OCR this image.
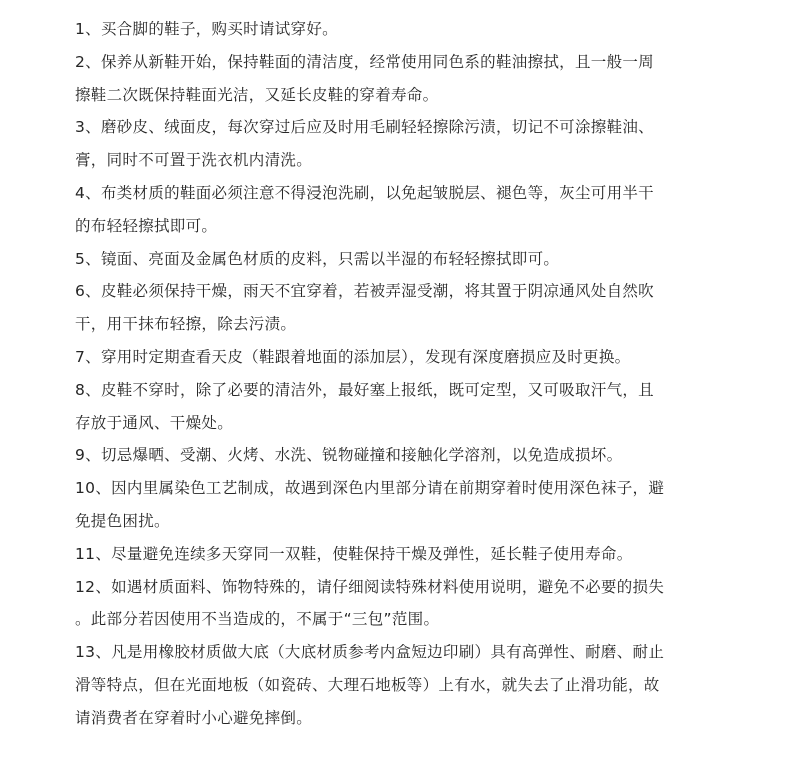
1、买合脚的鞋子，购买时请试穿好。

2、保养从新鞋开始，保持鞋面的清洁度，经常使用同色系的鞋油擦拭，且一般一周

擦鞋二次既保持鞋面光洁，又延长皮鞋的穿着寿命。

3、磨砂皮、绒面皮，每次穿过后应及时用毛刷轻轻擦除污渍，切记不可涂擦鞋油、

膏，同时不可置于洗衣机内清洗。

4、布类材质的鞋面必须注意不得浸泡洗刷，以免起皱脱层、褪色等，灰尘可用半干

的布轻轻擦拭即可。

5、镜面、亮面及金属色材质的皮料，只需以半湿的布轻轻擦拭即可。

6、皮鞋必须保持干燥，雨天不宜穿着，若被弄湿受潮，将其置于阴凉通风处自然吹

干，用干抹布轻擦，除去污渍。

7、穿用时定期查看天皮（鞋跟着地面的添加层），发现有深度磨损应及时更换。

8、皮鞋不穿时，除了必要的清洁外，最好塞上报纸，既可定型，又可吸取汗气，且

存放于通风、干燥处。

9、切忌爆晒、受潮、火烤、水洗、锐物碰撞和接触化学溶剂，以免造成损坏。

10、因内里属染色工艺制成，故遇到深色内里部分请在前期穿着时使用深色袜子，避

免提色困扰。

11、尽量避免连续多天穿同一双鞋，使鞋保持干燥及弹性，延长鞋子使用寿命。

12、如遇材质面料、饰物特殊的，请仔细阅读特殊材料使用说明，避免不必要的损失

。此部分若因使用不当造成的，不属于“三包”范围。

13、凡是用橡胶材质做大底（大底材质参考内盒短边印刷）具有高弹性、耐磨、耐止

滑等特点，但在光面地板（如瓷砖、大理石地板等）上有水，就失去了止滑功能，故

请消费者在穿着时小心避免摔倒。
